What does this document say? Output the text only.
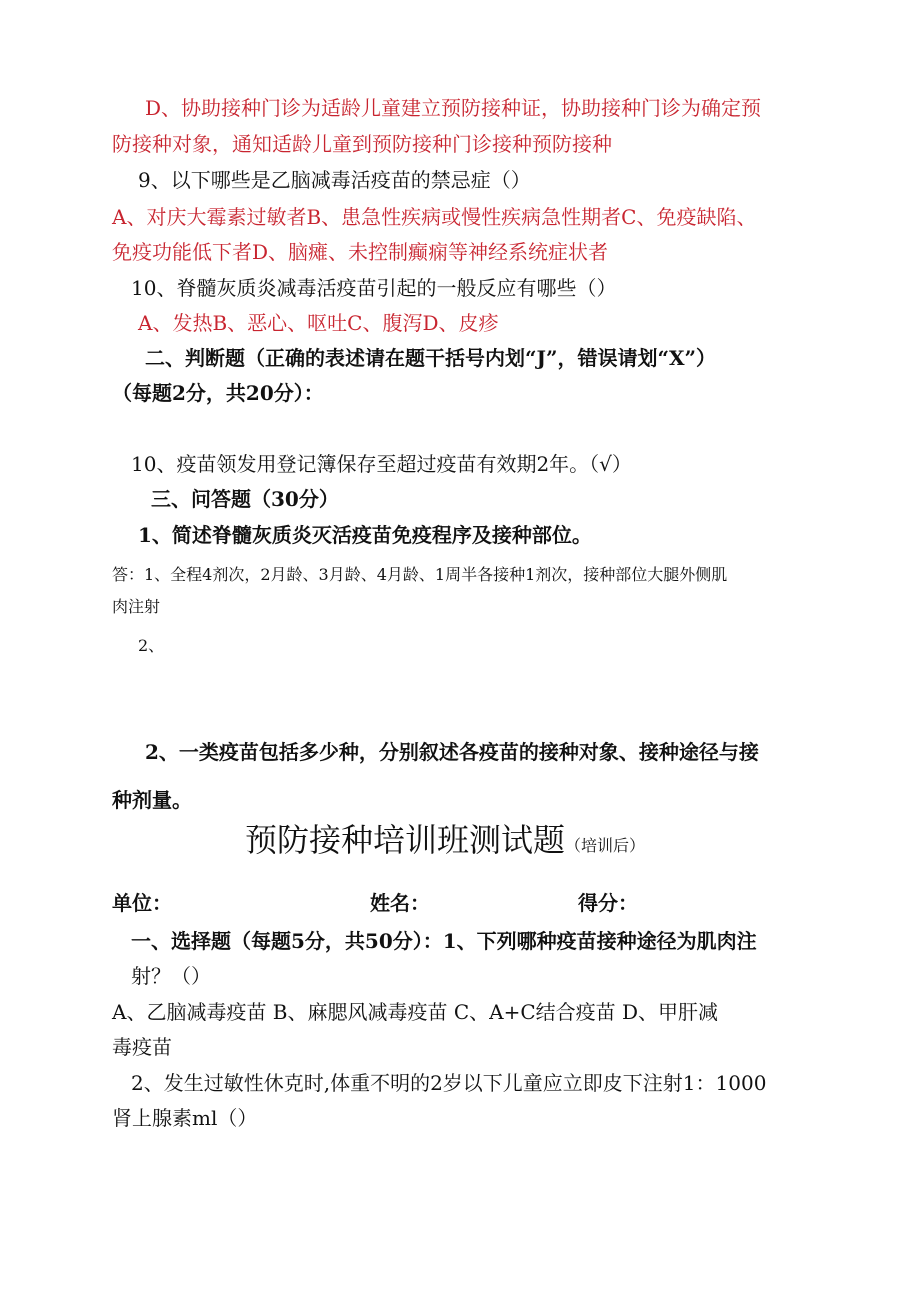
D、协助接种门诊为适龄儿童建立预防接种证，协助接种门诊为确定预
防接种对象，通知适龄儿童到预防接种门诊接种预防接种
9、以下哪些是乙脑减毒活疫苗的禁忌症（）
A、对庆大霉素过敏者B、患急性疾病或慢性疾病急性期者C、免疫缺陷、
免疫功能低下者D、脑瘫、未控制癫痫等神经系统症状者
10、脊髓灰质炎减毒活疫苗引起的一般反应有哪些（）
A、发热B、恶心、呕吐C、腹泻D、皮疹
二、判断题（正确的表述请在题干括号内划“J”，错误请划“X”）
（每题2分，共20分）：
10、疫苗领发用登记簿保存至超过疫苗有效期2年。（√）
三、问答题（30分）
1、简述脊髓灰质炎灭活疫苗免疫程序及接种部位。
答：1、全程4剂次，2月龄、3月龄、4月龄、1周半各接种1剂次，接种部位大腿外侧肌
肉注射
2、
2、一类疫苗包括多少种，分别叙述各疫苗的接种对象、接种途径与接
种剂量。
预防接种培训班测试题（培训后）
单位：	姓名：	得分：
一、选择题（每题5分，共50分）：1、下列哪种疫苗接种途径为肌肉注
射？（）
A、乙脑减毒疫苗 B、麻腮风减毒疫苗 C、A+C结合疫苗 D、甲肝减
毒疫苗
2、发生过敏性休克时,体重不明的2岁以下儿童应立即皮下注射1：1000
肾上腺素ml（）
